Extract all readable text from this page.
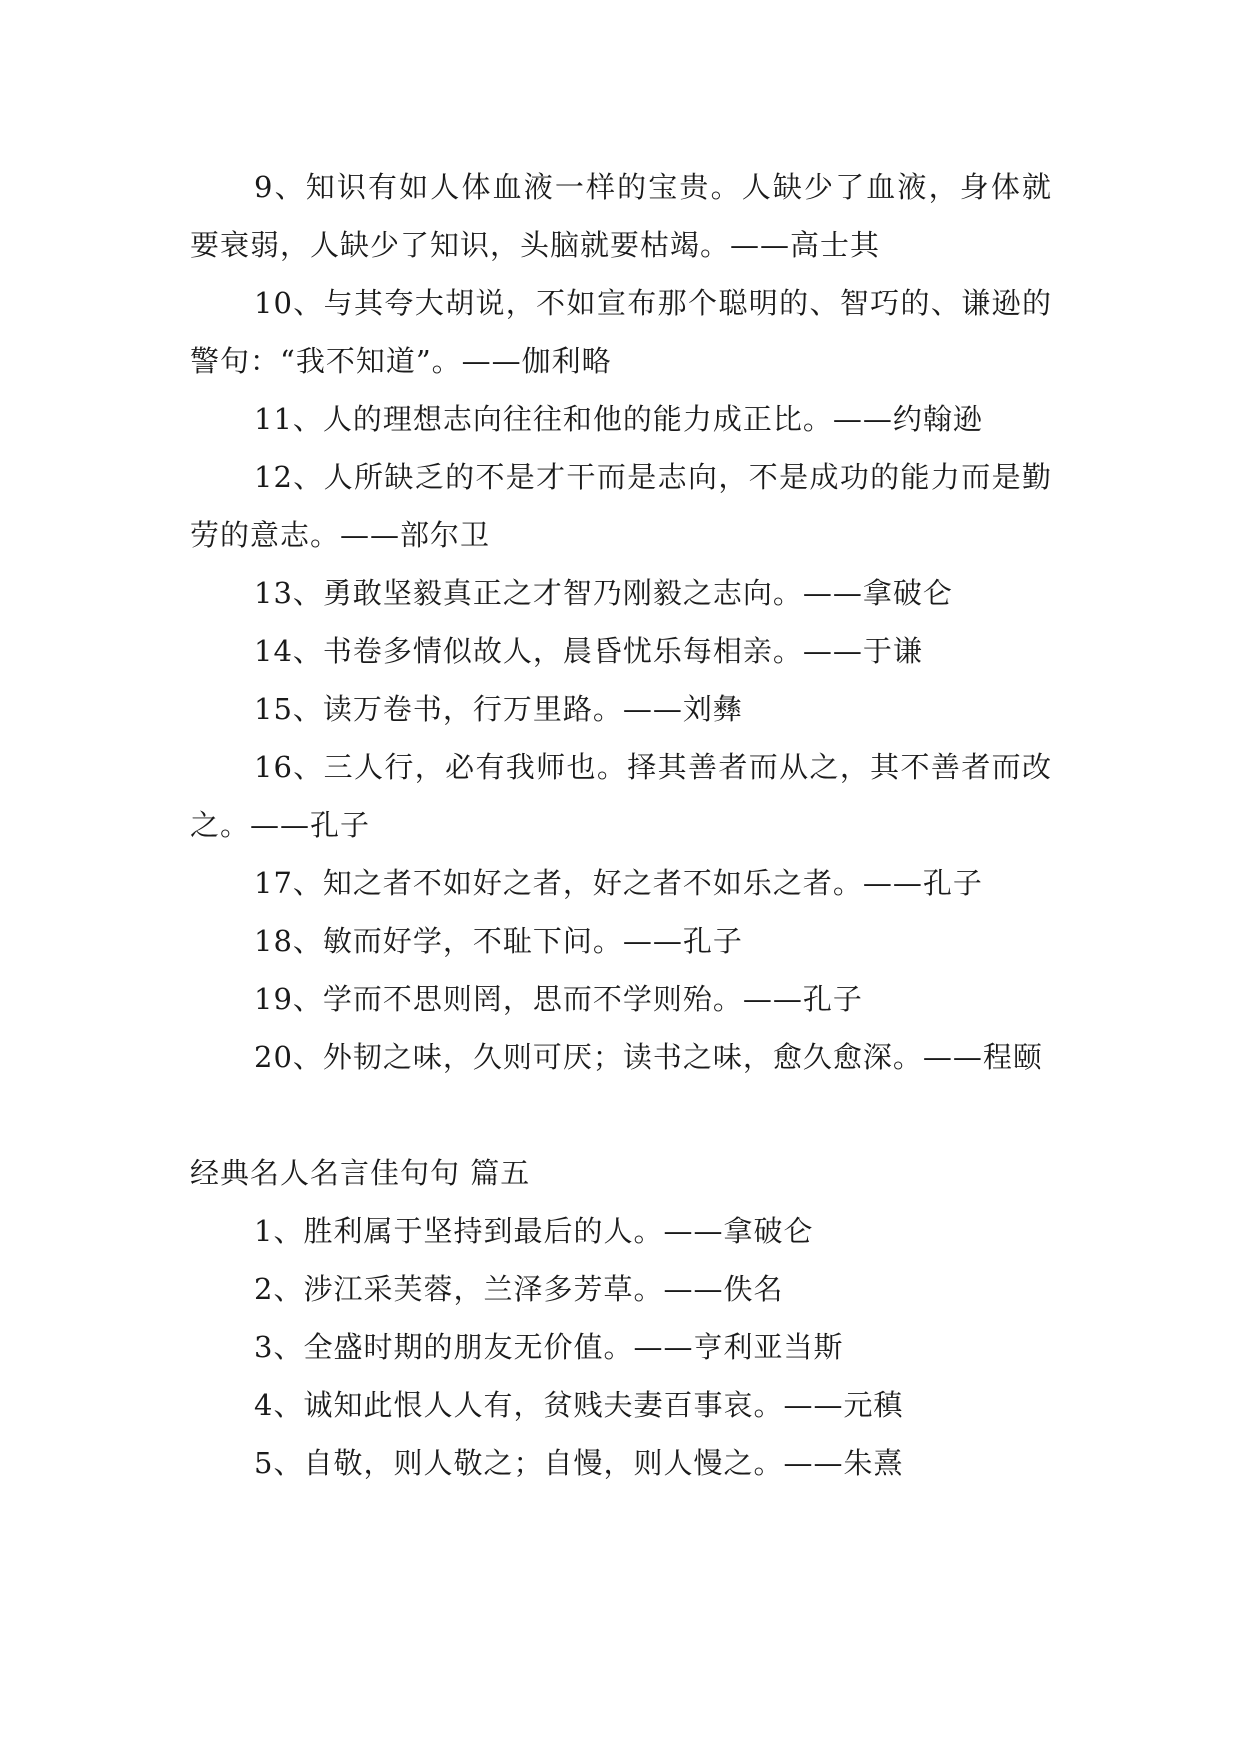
9、知识有如人体血液一样的宝贵。人缺少了血液，身体就要衰弱，人缺少了知识，头脑就要枯竭。——高士其

10、与其夸大胡说，不如宣布那个聪明的、智巧的、谦逊的警句：“我不知道”。——伽利略

11、人的理想志向往往和他的能力成正比。——约翰逊

12、人所缺乏的不是才干而是志向，不是成功的能力而是勤劳的意志。——部尔卫

13、勇敢坚毅真正之才智乃刚毅之志向。——拿破仑

14、书卷多情似故人，晨昏忧乐每相亲。——于谦

15、读万卷书，行万里路。——刘彝

16、三人行，必有我师也。择其善者而从之，其不善者而改之。——孔子

17、知之者不如好之者，好之者不如乐之者。——孔子

18、敏而好学，不耻下问。——孔子

19、学而不思则罔，思而不学则殆。——孔子

20、外韧之味，久则可厌；读书之味，愈久愈深。——程颐

经典名人名言佳句句 篇五

1、胜利属于坚持到最后的人。——拿破仑

2、涉江采芙蓉，兰泽多芳草。——佚名

3、全盛时期的朋友无价值。——亨利亚当斯

4、诚知此恨人人有，贫贱夫妻百事哀。——元稹

5、自敬，则人敬之；自慢，则人慢之。——朱熹
